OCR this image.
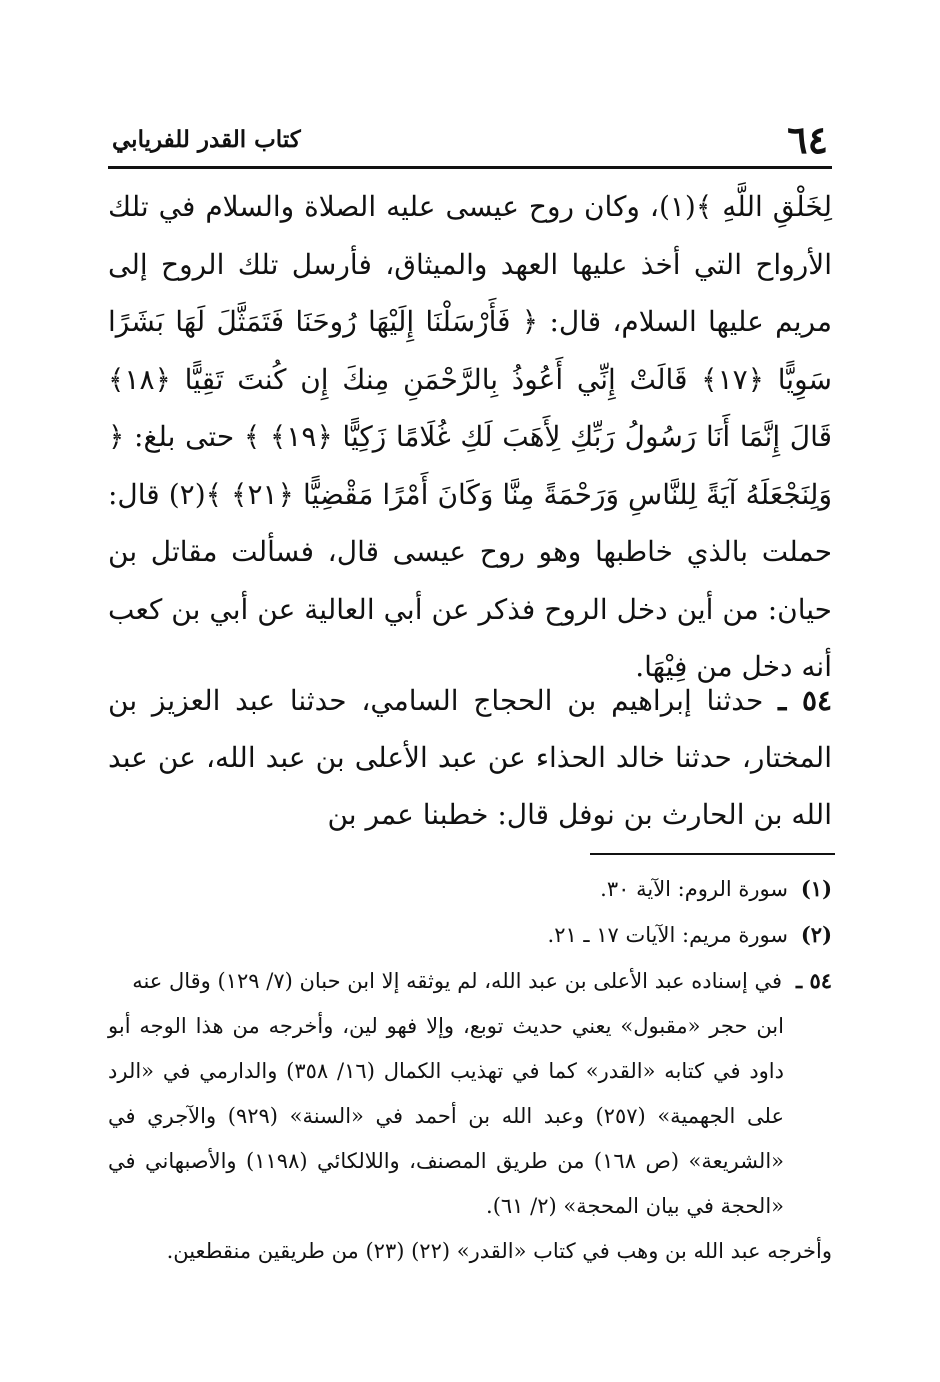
٦٤
كتاب القدر للفريابي

لِخَلْقِ اللَّهِ ﴾(١)، وكان روح عيسى عليه الصلاة والسلام في تلك الأرواح التي أخذ عليها العهد والميثاق، فأرسل تلك الروح إلى مريم عليها السلام، قال: ﴿ فَأَرْسَلْنَا إِلَيْهَا رُوحَنَا فَتَمَثَّلَ لَهَا بَشَرًا سَوِيًّا ﴿١٧﴾ قَالَتْ إِنِّي أَعُوذُ بِالرَّحْمَنِ مِنكَ إِن كُنتَ تَقِيًّا ﴿١٨﴾ قَالَ إِنَّمَا أَنَا رَسُولُ رَبِّكِ لِأَهَبَ لَكِ غُلَامًا زَكِيًّا ﴿١٩﴾ ﴾ حتى بلغ: ﴿ وَلِنَجْعَلَهُ آيَةً لِلنَّاسِ وَرَحْمَةً مِنَّا وَكَانَ أَمْرًا مَقْضِيًّا ﴿٢١﴾ ﴾(٢) قال: حملت بالذي خاطبها وهو روح عيسى قال، فسألت مقاتل بن حيان: من أين دخل الروح فذكر عن أبي العالية عن أبي بن كعب أنه دخل من فِيْهَا.

٥٤ ـ حدثنا إبراهيم بن الحجاج السامي، حدثنا عبد العزيز بن المختار، حدثنا خالد الحذاء عن عبد الأعلى بن عبد الله، عن عبد الله بن الحارث بن نوفل قال: خطبنا عمر بن

(١)سورة الروم: الآية ٣٠.

(٢)سورة مريم: الآيات ١٧ ـ ٢١.

٥٤ ـفي إسناده عبد الأعلى بن عبد الله، لم يوثقه إلا ابن حبان (٧/ ١٢٩) وقال عنه

ابن حجر «مقبول» يعني حديث توبع، وإلا فهو لين، وأخرجه من هذا الوجه أبو داود في كتابه «القدر» كما في تهذيب الكمال (١٦/ ٣٥٨) والدارمي في «الرد على الجهمية» (٢٥٧) وعبد الله بن أحمد في «السنة» (٩٢٩) والآجري في «الشريعة» (ص ١٦٨) من طريق المصنف، واللالكائي (١١٩٨) والأصبهاني في «الحجة في بيان المحجة» (٢/ ٦١).

وأخرجه عبد الله بن وهب في كتاب «القدر» (٢٢) (٢٣) من طريقين منقطعين.
